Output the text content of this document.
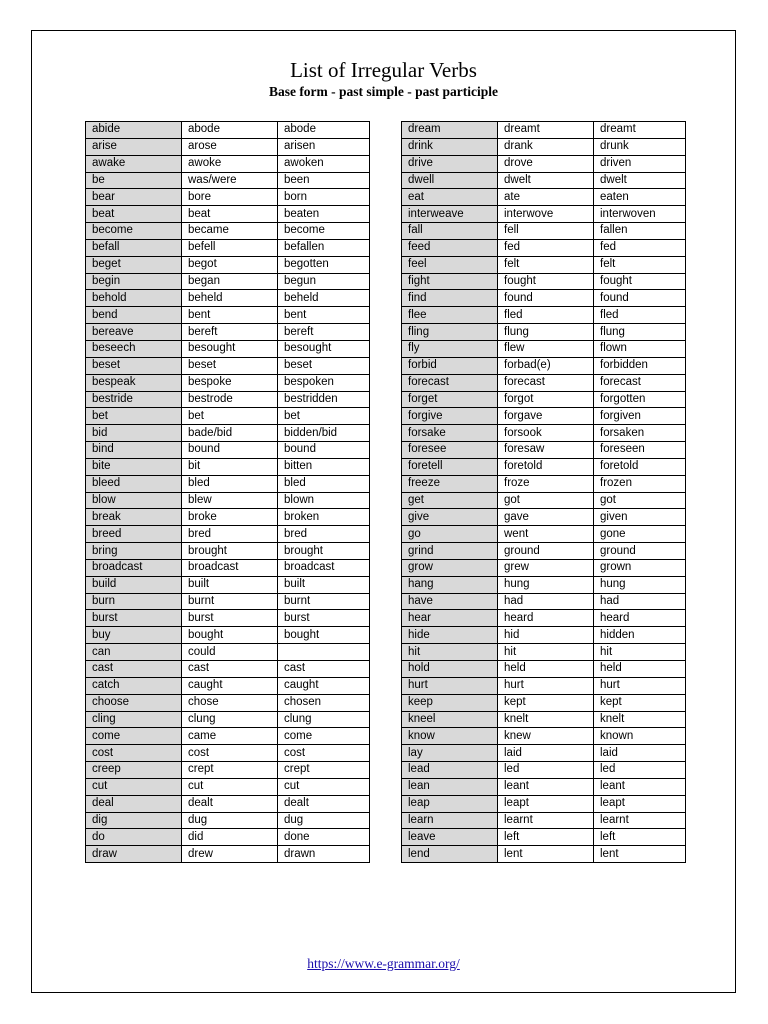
List of Irregular Verbs
Base form - past simple - past participle
abide	abode	abode
arise	arose	arisen
awake	awoke	awoken
be	was/were	been
bear	bore	born
beat	beat	beaten
become	became	become
befall	befell	befallen
beget	begot	begotten
begin	began	begun
behold	beheld	beheld
bend	bent	bent
bereave	bereft	bereft
beseech	besought	besought
beset	beset	beset
bespeak	bespoke	bespoken
bestride	bestrode	bestridden
bet	bet	bet
bid	bade/bid	bidden/bid
bind	bound	bound
bite	bit	bitten
bleed	bled	bled
blow	blew	blown
break	broke	broken
breed	bred	bred
bring	brought	brought
broadcast	broadcast	broadcast
build	built	built
burn	burnt	burnt
burst	burst	burst
buy	bought	bought
can	could	
cast	cast	cast
catch	caught	caught
choose	chose	chosen
cling	clung	clung
come	came	come
cost	cost	cost
creep	crept	crept
cut	cut	cut
deal	dealt	dealt
dig	dug	dug
do	did	done
draw	drew	drawn
dream	dreamt	dreamt
drink	drank	drunk
drive	drove	driven
dwell	dwelt	dwelt
eat	ate	eaten
interweave	interwove	interwoven
fall	fell	fallen
feed	fed	fed
feel	felt	felt
fight	fought	fought
find	found	found
flee	fled	fled
fling	flung	flung
fly	flew	flown
forbid	forbad(e)	forbidden
forecast	forecast	forecast
forget	forgot	forgotten
forgive	forgave	forgiven
forsake	forsook	forsaken
foresee	foresaw	foreseen
foretell	foretold	foretold
freeze	froze	frozen
get	got	got
give	gave	given
go	went	gone
grind	ground	ground
grow	grew	grown
hang	hung	hung
have	had	had
hear	heard	heard
hide	hid	hidden
hit	hit	hit
hold	held	held
hurt	hurt	hurt
keep	kept	kept
kneel	knelt	knelt
know	knew	known
lay	laid	laid
lead	led	led
lean	leant	leant
leap	leapt	leapt
learn	learnt	learnt
leave	left	left
lend	lent	lent
https://www.e-grammar.org/
